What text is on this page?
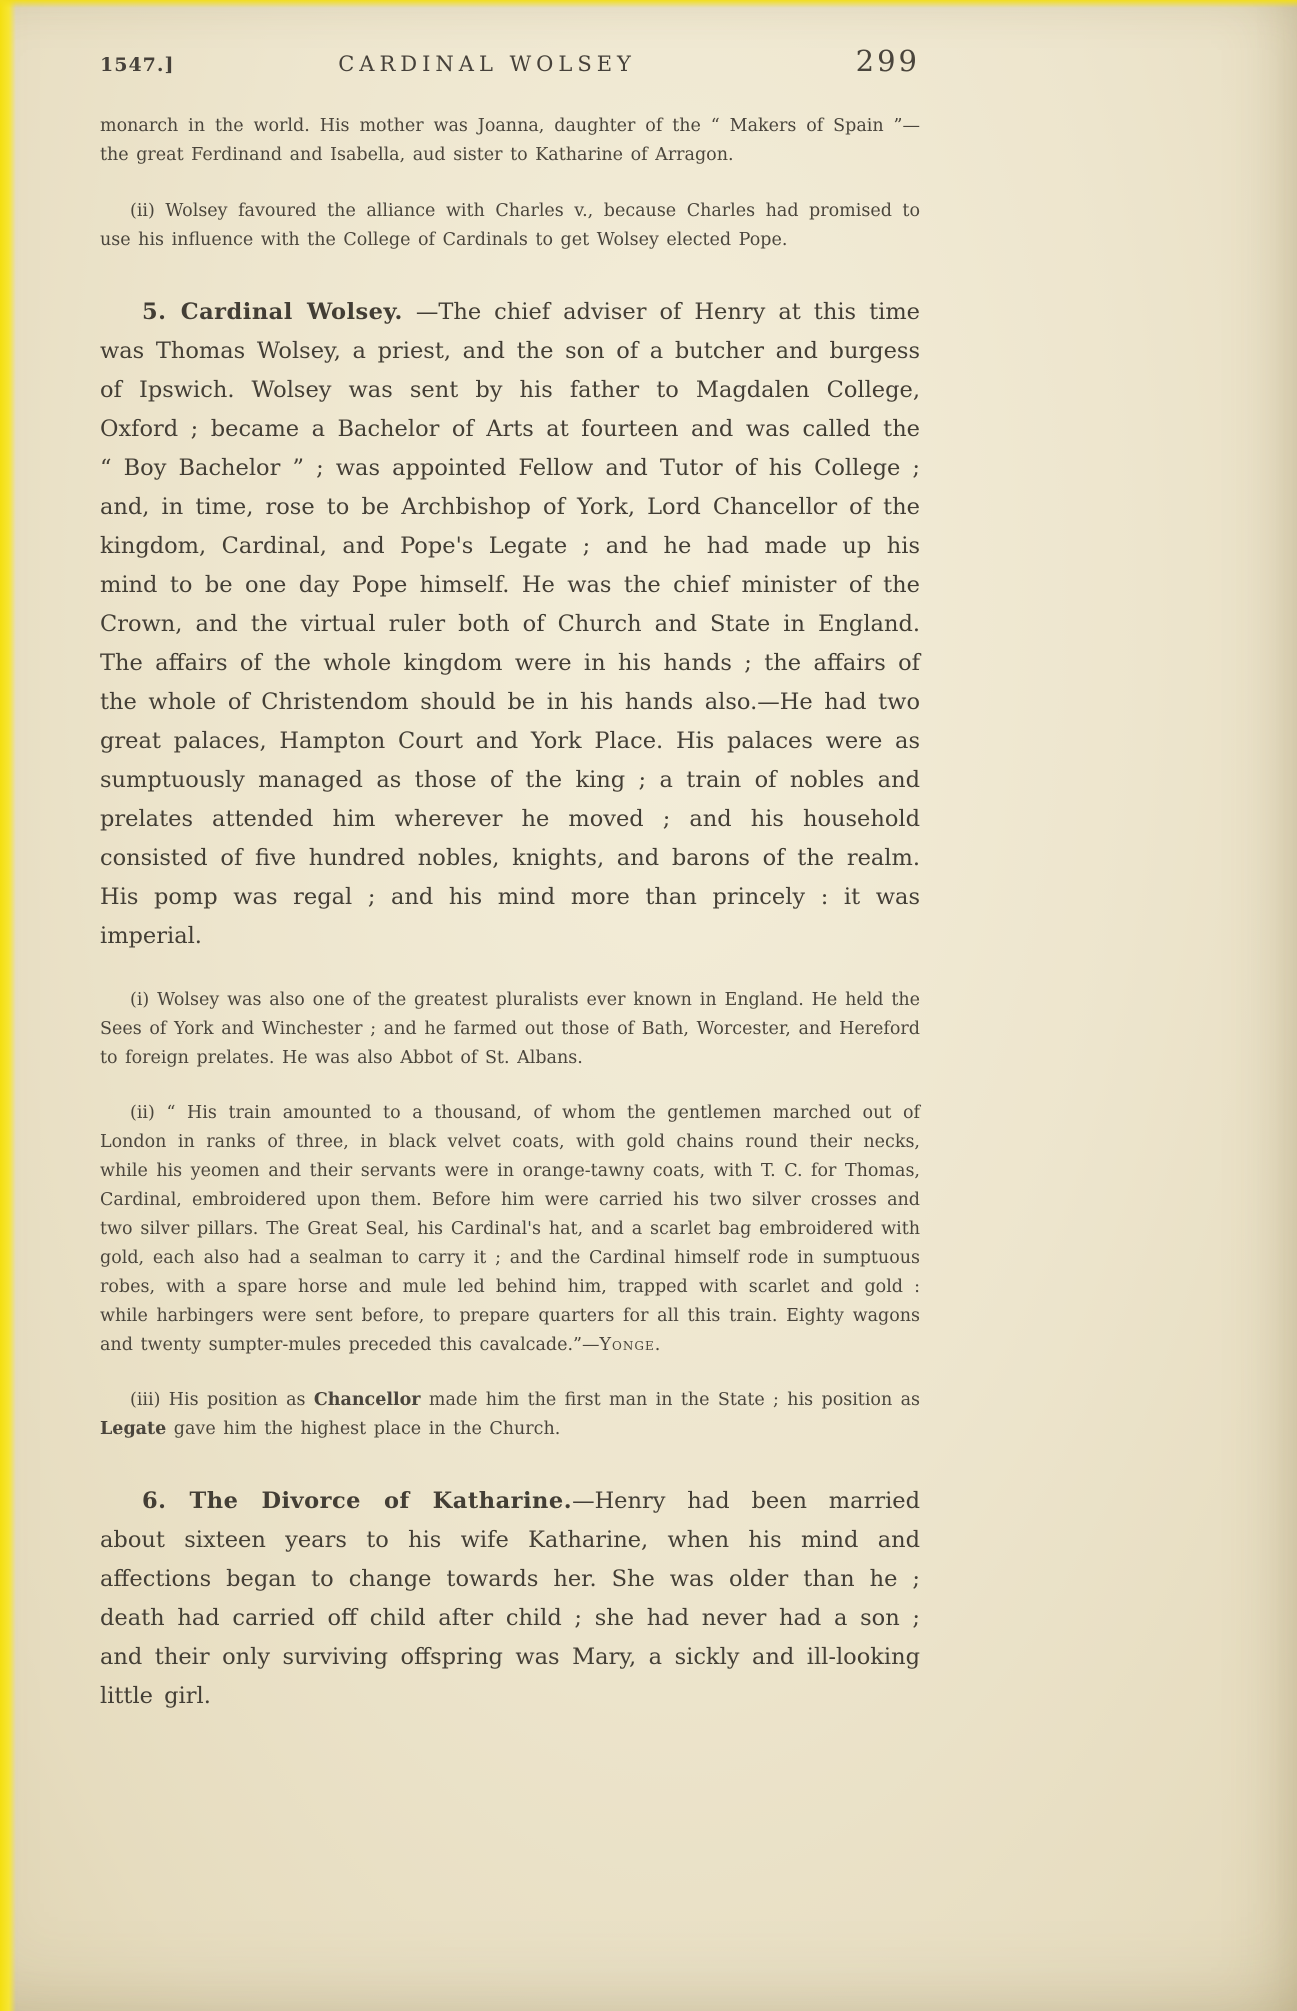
1547.]	CARDINAL WOLSEY	299

monarch in the world. His mother was Joanna, daughter of the “ Makers of Spain ”— the great Ferdinand and Isabella, aud sister to Katharine of Arragon.

(ii) Wolsey favoured the alliance with Charles v., because Charles had promised to use his influence with the College of Cardinals to get Wolsey elected Pope.

5. Cardinal Wolsey. —The chief adviser of Henry at this time was Thomas Wolsey, a priest, and the son of a butcher and burgess of Ipswich. Wolsey was sent by his father to Magdalen College, Oxford ; became a Bachelor of Arts at fourteen and was called the “ Boy Bachelor ” ; was appointed Fellow and Tutor of his College ; and, in time, rose to be Archbishop of York, Lord Chancellor of the kingdom, Cardinal, and Pope's Legate ; and he had made up his mind to be one day Pope himself. He was the chief minister of the Crown, and the virtual ruler both of Church and State in England. The affairs of the whole kingdom were in his hands ; the affairs of the whole of Christendom should be in his hands also.—He had two great palaces, Hampton Court and York Place. His palaces were as sumptuously managed as those of the king ; a train of nobles and prelates attended him wherever he moved ; and his household consisted of five hundred nobles, knights, and barons of the realm. His pomp was regal ; and his mind more than princely : it was imperial.

(i) Wolsey was also one of the greatest pluralists ever known in England. He held the Sees of York and Winchester ; and he farmed out those of Bath, Worcester, and Hereford to foreign prelates. He was also Abbot of St. Albans.

(ii) “ His train amounted to a thousand, of whom the gentlemen marched out of London in ranks of three, in black velvet coats, with gold chains round their necks, while his yeomen and their servants were in orange-tawny coats, with T. C. for Thomas, Cardinal, embroidered upon them. Before him were carried his two silver crosses and two silver pillars. The Great Seal, his Cardinal's hat, and a scarlet bag embroidered with gold, each also had a sealman to carry it ; and the Cardinal himself rode in sumptuous robes, with a spare horse and mule led behind him, trapped with scarlet and gold : while harbingers were sent before, to prepare quarters for all this train. Eighty wagons and twenty sumpter-mules preceded this cavalcade.”—Yonge.

(iii) His position as Chancellor made him the first man in the State ; his position as Legate gave him the highest place in the Church.

6. The Divorce of Katharine.—Henry had been married about sixteen years to his wife Katharine, when his mind and affections began to change towards her. She was older than he ; death had carried off child after child ; she had never had a son ; and their only surviving offspring was Mary, a sickly and ill-looking little girl.
